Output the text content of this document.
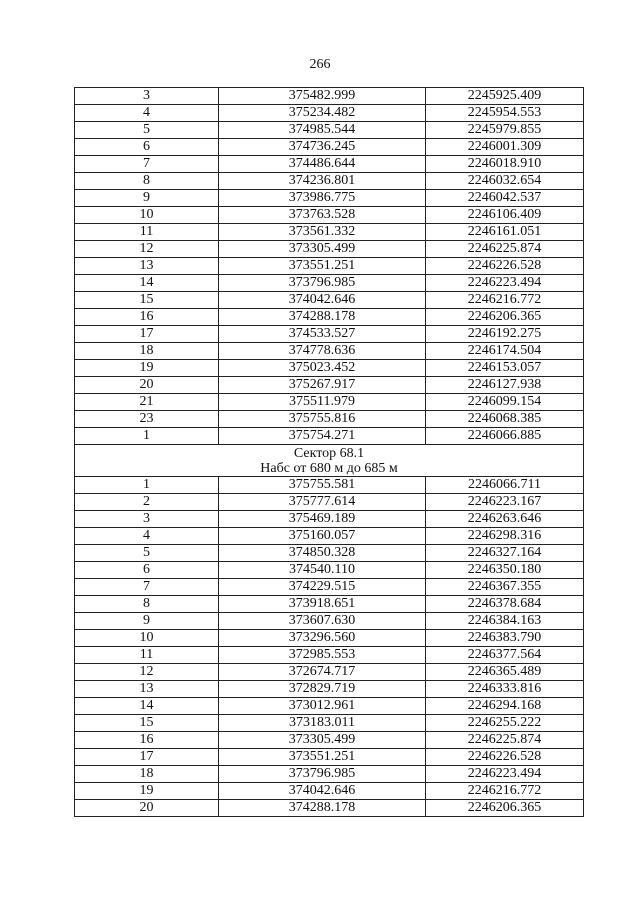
266
3	375482.999	2245925.409
4	375234.482	2245954.553
5	374985.544	2245979.855
6	374736.245	2246001.309
7	374486.644	2246018.910
8	374236.801	2246032.654
9	373986.775	2246042.537
10	373763.528	2246106.409
11	373561.332	2246161.051
12	373305.499	2246225.874
13	373551.251	2246226.528
14	373796.985	2246223.494
15	374042.646	2246216.772
16	374288.178	2246206.365
17	374533.527	2246192.275
18	374778.636	2246174.504
19	375023.452	2246153.057
20	375267.917	2246127.938
21	375511.979	2246099.154
23	375755.816	2246068.385
1	375754.271	2246066.885

Сектор 68.1
Набс от 680 м до 685 м		

1	375755.581	2246066.711
2	375777.614	2246223.167
3	375469.189	2246263.646
4	375160.057	2246298.316
5	374850.328	2246327.164
6	374540.110	2246350.180
7	374229.515	2246367.355
8	373918.651	2246378.684
9	373607.630	2246384.163
10	373296.560	2246383.790
11	372985.553	2246377.564
12	372674.717	2246365.489
13	372829.719	2246333.816
14	373012.961	2246294.168
15	373183.011	2246255.222
16	373305.499	2246225.874
17	373551.251	2246226.528
18	373796.985	2246223.494
19	374042.646	2246216.772
20	374288.178	2246206.365
